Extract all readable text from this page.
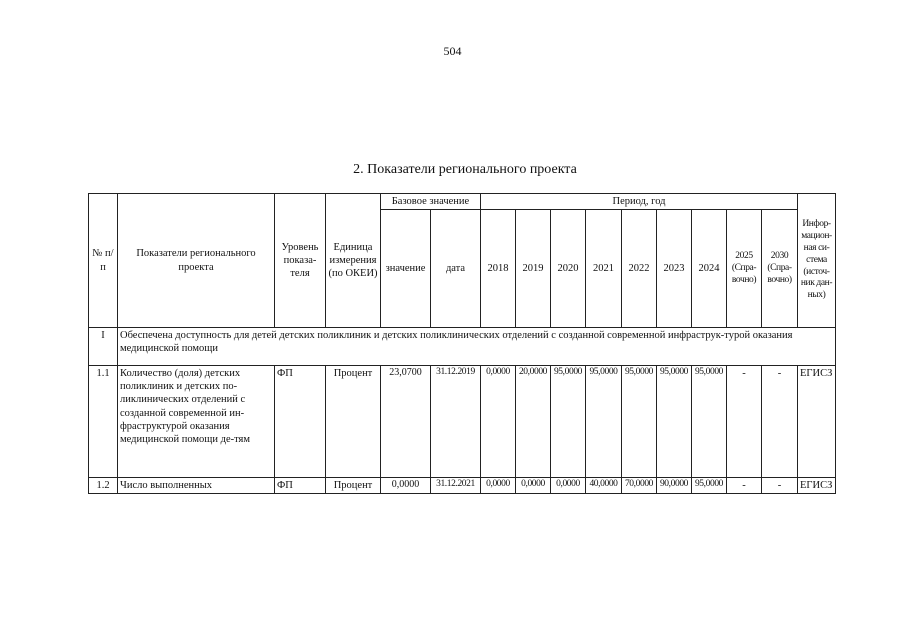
504
2. Показатели регионального проекта
№ п/п	Показатели регионального проекта	Уровень показа-теля	Единица измерения (по ОКЕИ)	Базовое значение		Период, год									Инфор-мацион-ная си-стема (источ-ник дан-ных)
				значение	дата	2018	2019	2020	2021	2022	2023	2024	2025 (Спра-вочно)	2030 (Спра-вочно)	
I	Обеспечена доступность для детей детских поликлиник и детских поликлинических отделений с созданной современной инфраструк-турой оказания медицинской помощи														
1.1	Количество (доля) детских поликлиник и детских по-ликлинических отделений с созданной современной ин-фраструктурой оказания медицинской помощи де-тям	ФП	Процент	23,0700	31.12.2019	0,0000	20,0000	95,0000	95,0000	95,0000	95,0000	95,0000	-	-	ЕГИСЗ
1.2	Число выполненных	ФП	Процент	0,0000	31.12.2021	0,0000	0,0000	0,0000	40,0000	70,0000	90,0000	95,0000	-	-	ЕГИСЗ
